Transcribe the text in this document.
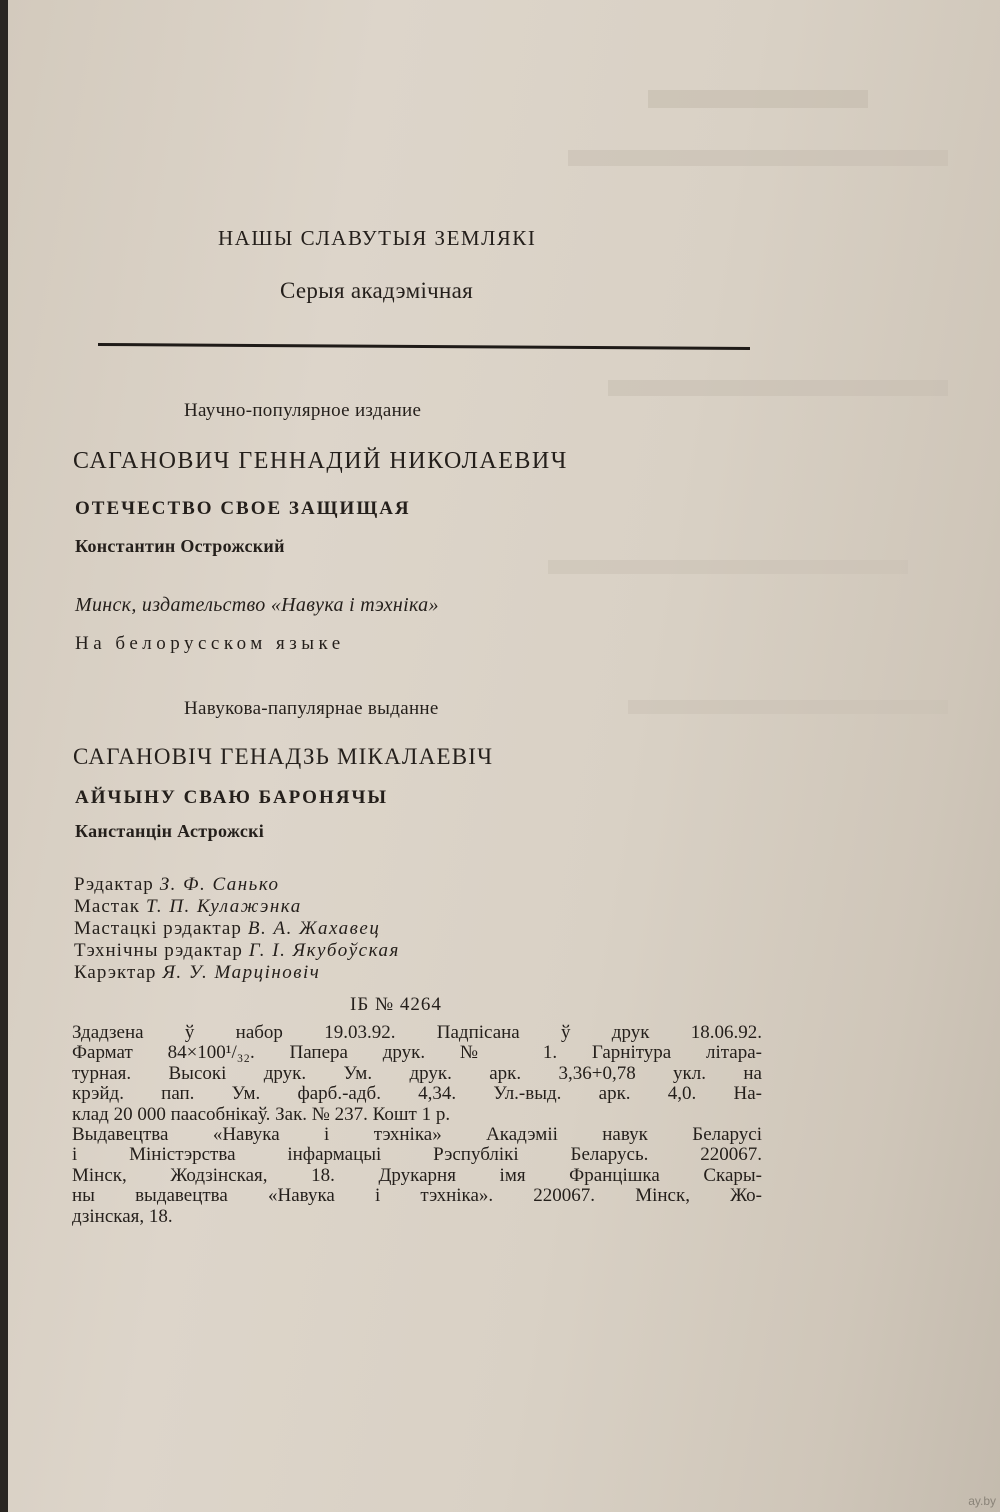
НАШЫ СЛАВУТЫЯ ЗЕМЛЯКІ
Серыя акадэмічная
Научно-популярное издание
САГАНОВИЧ ГЕННАДИЙ НИКОЛАЕВИЧ
ОТЕЧЕСТВО СВОЕ ЗАЩИЩАЯ
Константин Острожский
Минск, издательство «Навука і тэхніка»
На белорусском языке
Навукова-папулярнае выданне
САГАНОВІЧ ГЕНАДЗЬ МІКАЛАЕВІЧ
АЙЧЫНУ СВАЮ БАРОНЯЧЫ
Канстанцін Астрожскі
Рэдактар З. Ф. Санько
Мастак Т. П. Кулажэнка
Мастацкі рэдактар В. А. Жахавец
Тэхнічны рэдактар Г. І. Якубоўская
Карэктар Я. У. Марціновіч
ІБ № 4264
Здадзена ў набор 19.03.92. Падпісана ў друк 18.06.92.
Фармат 84×100¹/₃₂. Папера друк. № 1. Гарнітура літара-
турная. Высокі друк. Ум. друк. арк. 3,36+0,78 укл. на
крэйд. пап. Ум. фарб.-адб. 4,34. Ул.-выд. арк. 4,0. На-
клад 20 000 паасобнікаў. Зак. № 237. Кошт 1 р.
Выдавецтва «Навука і тэхніка» Акадэміі навук Беларусі
і Міністэрства інфармацыі Рэспублікі Беларусь. 220067.
Мінск, Жодзінская, 18. Друкарня імя Францішка Скары-
ны выдавецтва «Навука і тэхніка». 220067. Мінск, Жо-
дзінская, 18.
ay.by
